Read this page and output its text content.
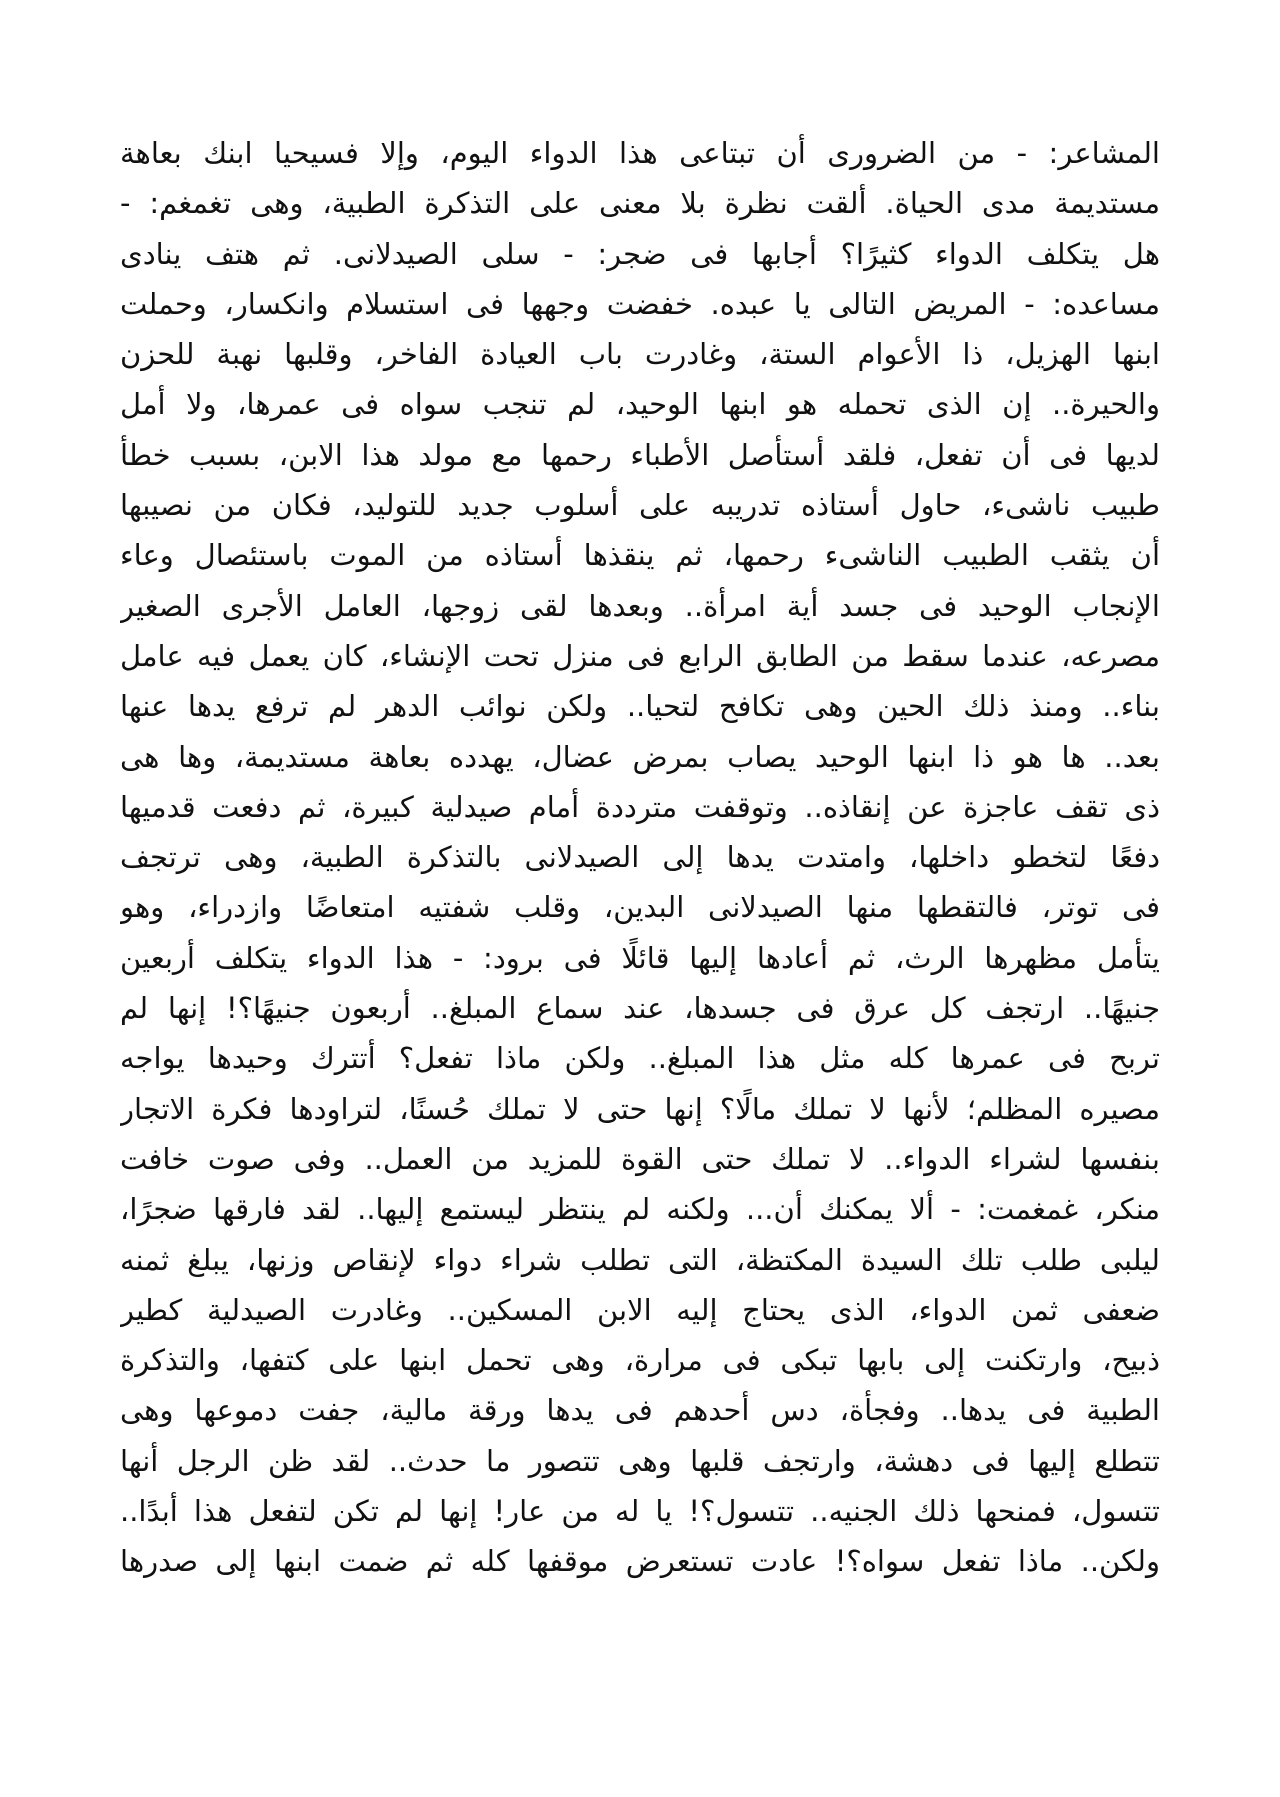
المشاعر: - من الضرورى أن تبتاعى هذا الدواء اليوم، وإلا فسيحيا ابنك بعاهة
مستديمة مدى الحياة. ألقت نظرة بلا معنى على التذكرة الطبية، وهى تغمغم: -
هل يتكلف الدواء كثيرًا؟ أجابها فى ضجر: - سلى الصيدلانى. ثم هتف ينادى
مساعده: - المريض التالى يا عبده. خفضت وجهها فى استسلام وانكسار، وحملت
ابنها الهزيل، ذا الأعوام الستة، وغادرت باب العيادة الفاخر، وقلبها نهبة للحزن
والحيرة.. إن الذى تحمله هو ابنها الوحيد، لم تنجب سواه فى عمرها، ولا أمل
لديها فى أن تفعل، فلقد أستأصل الأطباء رحمها مع مولد هذا الابن، بسبب خطأ
طبيب ناشىء، حاول أستاذه تدريبه على أسلوب جديد للتوليد، فكان من نصيبها
أن يثقب الطبيب الناشىء رحمها، ثم ينقذها أستاذه من الموت باستئصال وعاء
الإنجاب الوحيد فى جسد أية امرأة.. وبعدها لقى زوجها، العامل الأجرى الصغير
مصرعه، عندما سقط من الطابق الرابع فى منزل تحت الإنشاء، كان يعمل فيه عامل
بناء.. ومنذ ذلك الحين وهى تكافح لتحيا.. ولكن نوائب الدهر لم ترفع يدها عنها
بعد.. ها هو ذا ابنها الوحيد يصاب بمرض عضال، يهدده بعاهة مستديمة، وها هى
ذى تقف عاجزة عن إنقاذه.. وتوقفت مترددة أمام صيدلية كبيرة، ثم دفعت قدميها
دفعًا لتخطو داخلها، وامتدت يدها إلى الصيدلانى بالتذكرة الطبية، وهى ترتجف
فى توتر، فالتقطها منها الصيدلانى البدين، وقلب شفتيه امتعاضًا وازدراء، وهو
يتأمل مظهرها الرث، ثم أعادها إليها قائلًا فى برود: - هذا الدواء يتكلف أربعين
جنيهًا.. ارتجف كل عرق فى جسدها، عند سماع المبلغ.. أربعون جنيهًا؟! إنها لم
تربح فى عمرها كله مثل هذا المبلغ.. ولكن ماذا تفعل؟ أتترك وحيدها يواجه
مصيره المظلم؛ لأنها لا تملك مالًا؟ إنها حتى لا تملك حُسنًا، لتراودها فكرة الاتجار
بنفسها لشراء الدواء.. لا تملك حتى القوة للمزيد من العمل.. وفى صوت خافت
منكر، غمغمت: - ألا يمكنك أن... ولكنه لم ينتظر ليستمع إليها.. لقد فارقها ضجرًا،
ليلبى طلب تلك السيدة المكتظة، التى تطلب شراء دواء لإنقاص وزنها، يبلغ ثمنه
ضعفى ثمن الدواء، الذى يحتاج إليه الابن المسكين.. وغادرت الصيدلية كطير
ذبيح، وارتكنت إلى بابها تبكى فى مرارة، وهى تحمل ابنها على كتفها، والتذكرة
الطبية فى يدها.. وفجأة، دس أحدهم فى يدها ورقة مالية، جفت دموعها وهى
تتطلع إليها فى دهشة، وارتجف قلبها وهى تتصور ما حدث.. لقد ظن الرجل أنها
تتسول، فمنحها ذلك الجنيه.. تتسول؟! يا له من عار! إنها لم تكن لتفعل هذا أبدًا..
ولكن.. ماذا تفعل سواه؟! عادت تستعرض موقفها كله ثم ضمت ابنها إلى صدرها
